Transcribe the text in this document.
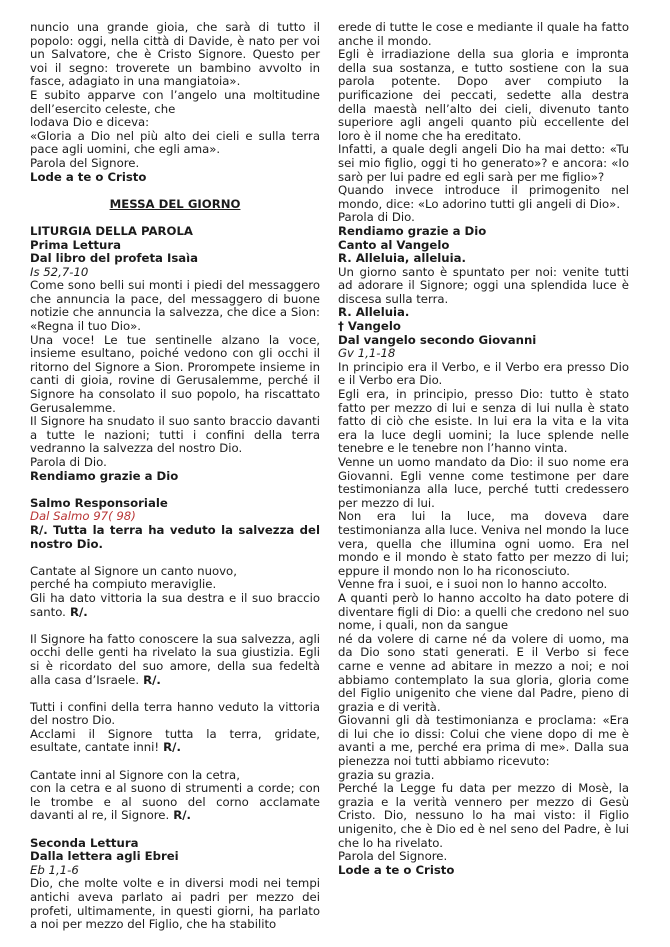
nuncio una grande gioia, che sarà di tutto il popolo: oggi, nella città di Davide, è nato per voi un Salvatore, che è Cristo Signore. Questo per voi il segno: troverete un bambino avvolto in fasce, adagiato in una mangiatoia».
E subito apparve con l’angelo una moltitudine dell’esercito celeste, che
lodava Dio e diceva:
«Gloria a Dio nel più alto dei cieli e sulla terra pace agli uomini, che egli ama».
Parola del Signore.
Lode a te o Cristo
MESSA DEL GIORNO
LITURGIA DELLA PAROLA
Prima Lettura
Dal libro del profeta Isaìa
Is 52,7-10
Come sono belli sui monti i piedi del messaggero che annuncia la pace, del messaggero di buone notizie che annuncia la salvezza, che dice a Sion: «Regna il tuo Dio».
Una voce! Le tue sentinelle alzano la voce, insieme esultano, poiché vedono con gli occhi il ritorno del Signore a Sion. Prorompete insieme in canti di gioia, rovine di Gerusalemme, perché il Signore ha consolato il suo popolo, ha riscattato Gerusalemme.
Il Signore ha snudato il suo santo braccio davanti a tutte le nazioni; tutti i confini della terra vedranno la salvezza del nostro Dio.
Parola di Dio.
Rendiamo grazie a Dio
Salmo Responsoriale
Dal Salmo 97( 98)
R/. Tutta la terra ha veduto la salvezza del nostro Dio.
Cantate al Signore un canto nuovo,
perché ha compiuto meraviglie.
Gli ha dato vittoria la sua destra e il suo braccio santo. R/.
Il Signore ha fatto conoscere la sua salvezza, agli occhi delle genti ha rivelato la sua giustizia. Egli si è ricordato del suo amore, della sua fedeltà alla casa d’Israele. R/.
Tutti i confini della terra hanno veduto la vittoria del nostro Dio.
Acclami il Signore tutta la terra, gridate, esultate, cantate inni! R/.
Cantate inni al Signore con la cetra,
con la cetra e al suono di strumenti a corde; con le trombe e al suono del corno acclamate davanti al re, il Signore. R/.
Seconda Lettura
Dalla lettera agli Ebrei
Eb 1,1-6
Dio, che molte volte e in diversi modi nei tempi antichi aveva parlato ai padri per mezzo dei profeti, ultimamente, in questi giorni, ha parlato a noi per mezzo del Figlio, che ha stabilito
erede di tutte le cose e mediante il quale ha fatto anche il mondo.
Egli è irradiazione della sua gloria e impronta della sua sostanza, e tutto sostiene con la sua parola potente. Dopo aver compiuto la purificazione dei peccati, sedette alla destra della maestà nell’alto dei cieli, divenuto tanto superiore agli angeli quanto più eccellente del loro è il nome che ha ereditato.
Infatti, a quale degli angeli Dio ha mai detto: «Tu sei mio figlio, oggi ti ho generato»? e ancora: «Io sarò per lui padre ed egli sarà per me figlio»?
Quando invece introduce il primogenito nel mondo, dice: «Lo adorino tutti gli angeli di Dio».
Parola di Dio.
Rendiamo grazie a Dio
Canto al Vangelo
R. Alleluia, alleluia.
Un giorno santo è spuntato per noi: venite tutti ad adorare il Signore; oggi una splendida luce è discesa sulla terra.
R. Alleluia.
† Vangelo
Dal vangelo secondo Giovanni
Gv 1,1-18
In principio era il Verbo, e il Verbo era presso Dio e il Verbo era Dio.
Egli era, in principio, presso Dio: tutto è stato fatto per mezzo di lui e senza di lui nulla è stato fatto di ciò che esiste. In lui era la vita e la vita era la luce degli uomini; la luce splende nelle tenebre e le tenebre non l’hanno vinta.
Venne un uomo mandato da Dio: il suo nome era Giovanni. Egli venne come testimone per dare testimonianza alla luce, perché tutti credessero per mezzo di lui.
Non era lui la luce, ma doveva dare testimonianza alla luce. Veniva nel mondo la luce vera, quella che illumina ogni uomo. Era nel mondo e il mondo è stato fatto per mezzo di lui; eppure il mondo non lo ha riconosciuto.
Venne fra i suoi, e i suoi non lo hanno accolto.
A quanti però lo hanno accolto ha dato potere di diventare figli di Dio: a quelli che credono nel suo nome, i quali, non da sangue
né da volere di carne né da volere di uomo, ma da Dio sono stati generati. E il Verbo si fece carne e venne ad abitare in mezzo a noi; e noi abbiamo contemplato la sua gloria, gloria come del Figlio unigenito che viene dal Padre, pieno di grazia e di verità.
Giovanni gli dà testimonianza e proclama: «Era di lui che io dissi: Colui che viene dopo di me è avanti a me, perché era prima di me». Dalla sua pienezza noi tutti abbiamo ricevuto:
grazia su grazia.
Perché la Legge fu data per mezzo di Mosè, la grazia e la verità vennero per mezzo di Gesù Cristo. Dio, nessuno lo ha mai visto: il Figlio unigenito, che è Dio ed è nel seno del Padre, è lui che lo ha rivelato.
Parola del Signore.
Lode a te o Cristo
